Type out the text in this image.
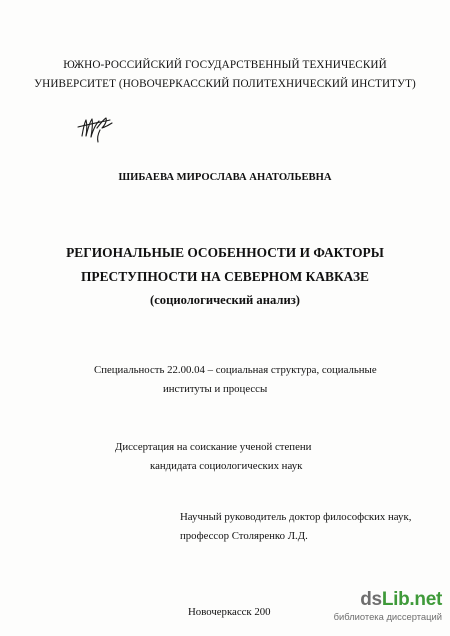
ЮЖНО-РОССИЙСКИЙ ГОСУДАРСТВЕННЫЙ ТЕХНИЧЕСКИЙ
УНИВЕРСИТЕТ (НОВОЧЕРКАССКИЙ ПОЛИТЕХНИЧЕСКИЙ ИНСТИТУТ)
ШИБАЕВА МИРОСЛАВА АНАТОЛЬЕВНА
РЕГИОНАЛЬНЫЕ ОСОБЕННОСТИ И ФАКТОРЫ
ПРЕСТУПНОСТИ НА СЕВЕРНОМ КАВКАЗЕ
(социологический анализ)
Специальность 22.00.04 – социальная структура, социальные
институты и процессы
Диссертация на соискание ученой степени
кандидата социологических наук
Научный руководитель доктор философских наук,
профессор Столяренко Л.Д.
Новочеркасск 200
dsLib.net
библиотека диссертаций
